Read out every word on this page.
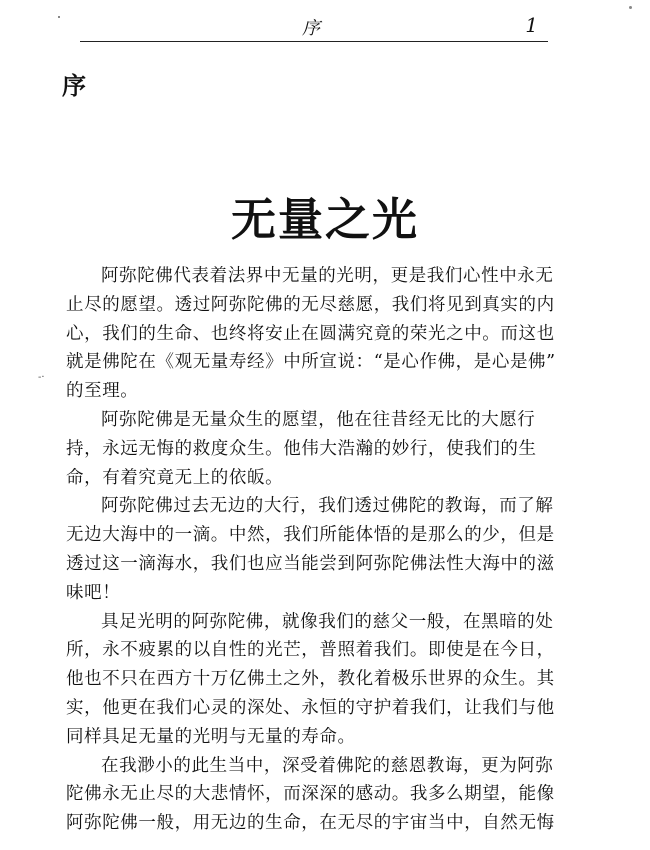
序	1
序
无量之光
-·
阿弥陀佛代表着法界中无量的光明，更是我们心性中永无
止尽的愿望。透过阿弥陀佛的无尽慈愿，我们将见到真实的内
心，我们的生命、也终将安止在圆满究竟的荣光之中。而这也
就是佛陀在《观无量寿经》中所宣说：“是心作佛，是心是佛”
的至理。
阿弥陀佛是无量众生的愿望，他在往昔经无比的大愿行
持，永远无悔的救度众生。他伟大浩瀚的妙行，使我们的生
命，有着究竟无上的依皈。
阿弥陀佛过去无边的大行，我们透过佛陀的教诲，而了解
无边大海中的一滴。中然，我们所能体悟的是那么的少，但是
透过这一滴海水，我们也应当能尝到阿弥陀佛法性大海中的滋
味吧！
具足光明的阿弥陀佛，就像我们的慈父一般，在黑暗的处
所，永不疲累的以自性的光芒，普照着我们。即使是在今日，
他也不只在西方十万亿佛土之外，教化着极乐世界的众生。其
实，他更在我们心灵的深处、永恒的守护着我们，让我们与他
同样具足无量的光明与无量的寿命。
在我渺小的此生当中，深受着佛陀的慈恩教诲，更为阿弥
陀佛永无止尽的大悲情怀，而深深的感动。我多么期望，能像
阿弥陀佛一般，用无边的生命，在无尽的宇宙当中，自然无悔
